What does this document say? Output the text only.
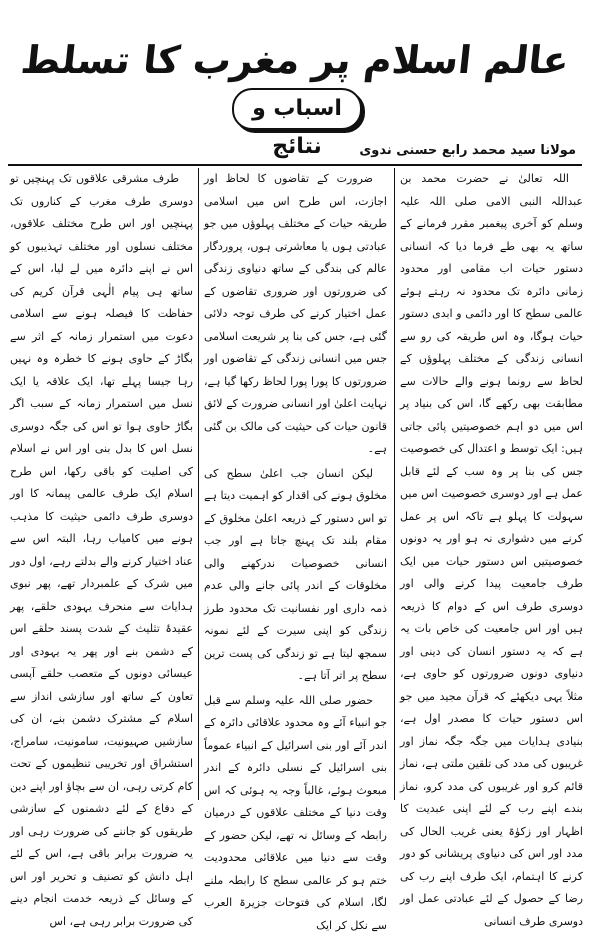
عالم اسلام پر مغرب کا تسلط
اسباب و نتائج	مولانا سید محمد رابع حسنی ندوی

اللہ تعالیٰ نے حضرت محمد بن عبداللہ النبی الامی صلی اللہ علیہ وسلم کو آخری پیغمبر مقرر فرمانے کے ساتھ یہ بھی طے فرما دیا کہ انسانی دستور حیات اب مقامی اور محدود زمانی دائرہ تک محدود نہ رہتے ہوئے عالمی سطح کا اور دائمی و ابدی دستور حیات ہوگا، وہ اس طریقہ کی رو سے انسانی زندگی کے مختلف پہلوؤں کے لحاظ سے رونما ہونے والے حالات سے مطابقت بھی رکھے گا، اس کی بنیاد پر اس میں دو اہم خصوصیتیں پائی جاتی ہیں: ایک توسط و اعتدال کی خصوصیت جس کی بنا پر وہ سب کے لئے قابل عمل ہے اور دوسری خصوصیت اس میں سہولت کا پہلو ہے تاکہ اس پر عمل کرنے میں دشواری نہ ہو اور یہ دونوں خصوصیتیں اس دستور حیات میں ایک طرف جامعیت پیدا کرنے والی اور دوسری طرف اس کے دوام کا ذریعہ ہیں اور اس جامعیت کی خاص بات یہ ہے کہ یہ دستور انسان کی دینی اور دنیاوی دونوں ضرورتوں کو حاوی ہے، مثلاً یہی دیکھئے کہ قرآن مجید میں جو اس دستور حیات کا مصدر اول ہے، بنیادی ہدایات میں جگہ جگہ نماز اور غریبوں کی مدد کی تلقین ملتی ہے، نماز قائم کرو اور غریبوں کی مدد کرو، نماز بندے اپنے رب کے لئے اپنی عبدیت کا اظہار اور زکوٰۃ یعنی غریب الحال کی مدد اور اس کی دنیاوی پریشانی کو دور کرنے کا اہتمام، ایک طرف اپنے رب کی رضا کے حصول کے لئے عبادتی عمل اور دوسری طرف انسانی

ضرورت کے تقاضوں کا لحاظ اور اجازت، اس طرح اس میں اسلامی طریقہ حیات کے مختلف پہلوؤں میں جو عبادتی ہوں یا معاشرتی ہوں، پروردگار عالم کی بندگی کے ساتھ دنیاوی زندگی کی ضرورتوں اور ضروری تقاضوں کے عمل اختیار کرنے کی طرف توجہ دلائی گئی ہے، جس کی بنا پر شریعت اسلامی جس میں انسانی زندگی کے تقاضوں اور ضرورتوں کا پورا پورا لحاظ رکھا گیا ہے، نہایت اعلیٰ اور انسانی ضرورت کے لائق قانون حیات کی حیثیت کی مالک بن گئی ہے۔

لیکن انسان جب اعلیٰ سطح کی مخلوق ہونے کی اقدار کو اہمیت دیتا ہے تو اس دستور کے ذریعہ اعلیٰ مخلوق کے مقام بلند تک پہنچ جاتا ہے اور جب انسانی خصوصیات ندرکھنے والی مخلوقات کے اندر پائی جانے والی عدم ذمہ داری اور نفسانیت تک محدود طرز زندگی کو اپنی سیرت کے لئے نمونہ سمجھ لیتا ہے تو زندگی کی پست ترین سطح پر اتر آتا ہے۔

حضور صلی اللہ علیہ وسلم سے قبل جو انبیاء آئے وہ محدود علاقائی دائرہ کے اندر آئے اور بنی اسرائیل کے انبیاء عموماً بنی اسرائیل کے نسلی دائرہ کے اندر مبعوث ہوئے، غالباً وجہ یہ ہوئی کہ اس وقت دنیا کے مختلف علاقوں کے درمیان رابطہ کے وسائل نہ تھے، لیکن حضور کے وقت سے دنیا میں علاقائی محدودیت ختم ہو کر عالمی سطح کا رابطہ ملنے لگا، اسلام کی فتوحات جزیرۃ العرب سے نکل کر ایک

طرف مشرقی علاقوں تک پہنچیں تو دوسری طرف مغرب کے کناروں تک پہنچیں اور اس طرح مختلف علاقوں، مختلف نسلوں اور مختلف تہذیبوں کو اس نے اپنے دائرہ میں لے لیا، اس کے ساتھ ہی پیام الٰہی قرآن کریم کی حفاظت کا فیصلہ ہونے سے اسلامی دعوت میں استمرار زمانہ کے اثر سے بگاڑ کے حاوی ہونے کا خطرہ وہ نہیں رہا جیسا پہلے تھا، ایک علاقہ یا ایک نسل میں استمرار زمانہ کے سبب اگر بگاڑ حاوی ہوا تو اس کی جگہ دوسری نسل اس کا بدل بنی اور اس نے اسلام کی اصلیت کو باقی رکھا، اس طرح اسلام ایک طرف عالمی پیمانہ کا اور دوسری طرف دائمی حیثیت کا مذہب ہونے میں کامیاب رہا، البتہ اس سے عناد اختیار کرنے والے بدلتے رہے، اول دور میں شرک کے علمبردار تھے، پھر نبوی ہدایات سے منحرف یہودی حلقے، پھر عقیدۂ تثلیث کے شدت پسند حلقے اس کے دشمن بنے اور پھر یہ یہودی اور عیسائی دونوں کے متعصب حلقے آپسی تعاون کے ساتھ اور سازشی انداز سے اسلام کے مشترک دشمن بنے، ان کی سازشیں صہیونیت، سامونیت، سامراج، استشراق اور تخریبی تنظیموں کے تحت کام کرتی رہی، ان سے بچاؤ اور اپنے دین کے دفاع کے لئے دشمنوں کے سازشی طریقوں کو جاننے کی ضرورت رہی اور یہ ضرورت برابر باقی ہے، اس کے لئے اہل دانش کو تصنیف و تحریر اور اس کے وسائل کے ذریعہ خدمت انجام دینے کی ضرورت برابر رہی ہے، اس
